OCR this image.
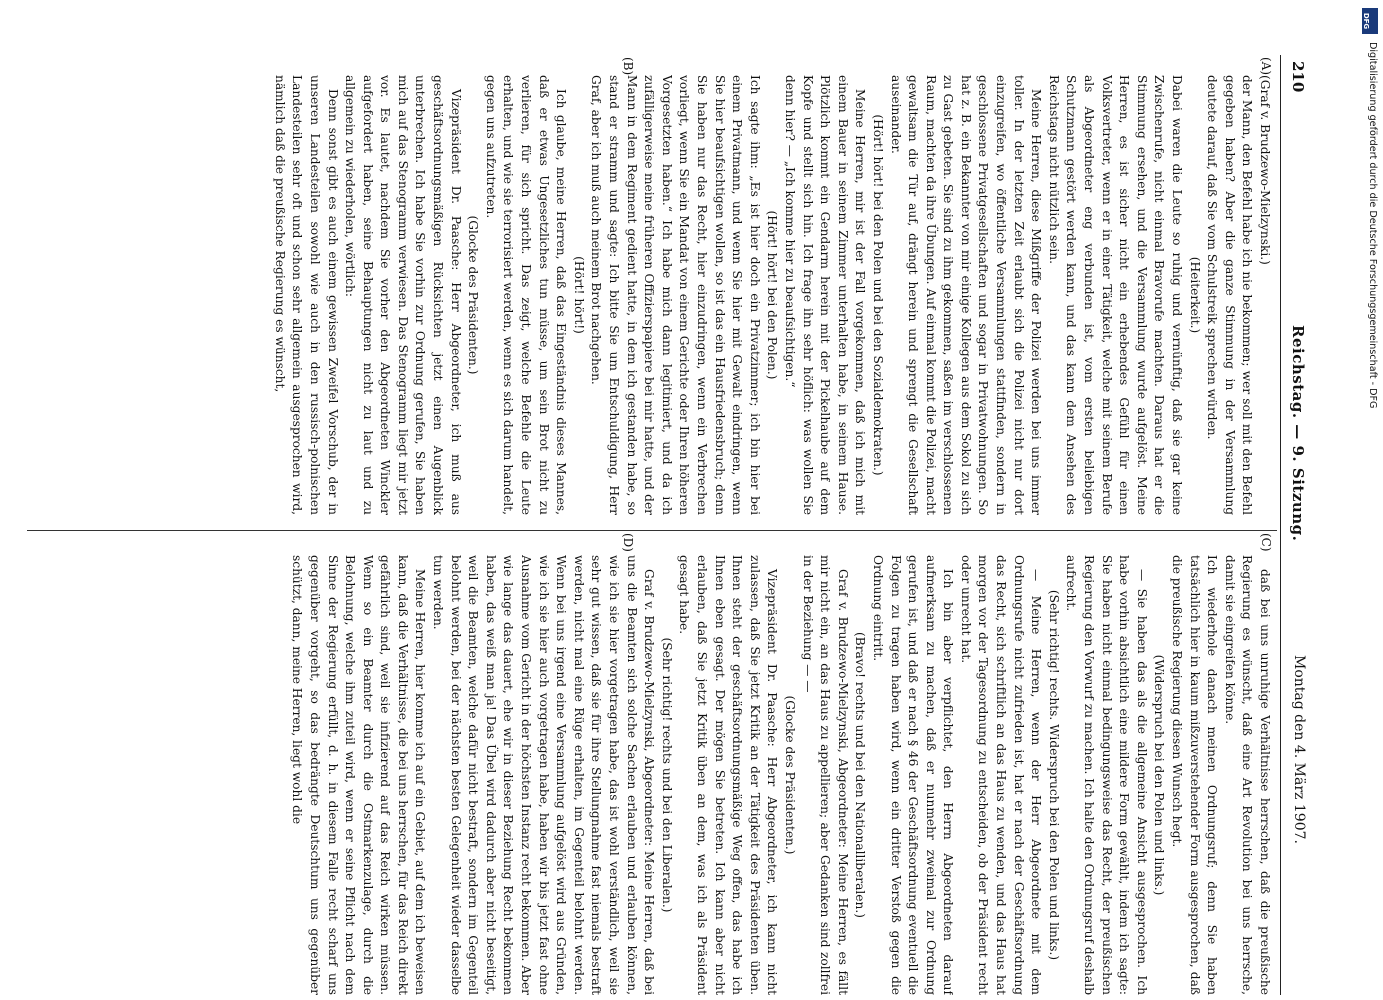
210
Reichstag. — 9. Sitzung.
Montag den 4. März 1907.
(A)
(B)
(C)
(D)

(Graf v. Brudzewo-Mielzynski.)

der Mann, den Befehl habe ich nie bekommen; wer soll mit den Befehl gegeben haben? Aber die ganze Stimmung in der Versammlung deutete darauf, daß Sie vom Schulstreik sprechen würden.

(Heiterkeit.)

Dabei waren die Leute so ruhig und vernünftig, daß sie gar keine Zwischenrufe, nicht einmal Bravorufe machten. Daraus hat er die Stimmung ersehen, und die Versammlung wurde aufgelöst. Meine Herren, es ist sicher nicht ein erhebendes Gefühl für einen Volksvertreter, wenn er in einer Tätigkeit, welche mit seinem Berufe als Abgeordneter eng verbunden ist, vom ersten beliebigen Schutzmann gestört werden kann, und das kann dem Ansehen des Reichstags nicht nützlich sein.

Meine Herren, diese Mißgriffe der Polizei werden bei uns immer toller. In der letzten Zeit erlaubt sich die Polizei nicht nur dort einzugreifen, wo öffentliche Versammlungen stattfinden, sondern in geschlossene Privatgesellschaften und sogar in Privatwohnungen. So hat z. B. ein Bekannter von mir einige Kollegen aus dem Sokol zu sich zu Gast gebeten. Sie sind zu ihm gekommen, saßen im verschlossenen Raum, machten da ihre Übungen. Auf einmal kommt die Polizei, macht gewaltsam die Tür auf, drängt herein und sprengt die Gesellschaft auseinander.

(Hört! hört! bei den Polen und bei den Sozialdemokraten.)

Meine Herren, mir ist der Fall vorgekommen, daß ich mich mit einem Bauer in seinem Zimmer unterhalten habe, in seinem Hause. Plötzlich kommt ein Gendarm herein mit der Pickelhaube auf dem Kopfe und stellt sich hin. Ich frage ihn sehr höflich: was wollen Sie denn hier? — „Ich komme hier zu beaufsichtigen.“

(Hört! hört! bei den Polen.)

Ich sagte ihm: „Es ist hier doch ein Privatzimmer; ich bin hier bei einem Privatmann, und wenn Sie hier mit Gewalt eindringen, wenn Sie hier beaufsichtigen wollen, so ist das ein Hausfriedensbruch; denn Sie haben nur das Recht, hier einzudringen, wenn ein Verbrechen vorliegt, wenn Sie ein Mandat von einem Gerichte oder Ihren höheren Vorgesetzten haben.“ Ich habe mich dann legitimiert, und da ich zufälligerweise meine früheren Offizierspapiere bei mir hatte, und der Mann in dem Regiment gedient hatte, in dem ich gestanden habe, so stand er stramm und sagte: Ich bitte Sie um Entschuldigung, Herr Graf, aber ich muß auch meinem Brot nachgehen.

(Hört! hört!)

Ich glaube, meine Herren, daß das Eingeständnis dieses Mannes, daß er etwas Ungesetzliches tun müsse, um sein Brot nicht zu verlieren, für sich spricht. Das zeigt, welche Befehle die Leute erhalten, und wie sie terrorisiert werden, wenn es sich darum handelt, gegen uns aufzutreten.

(Glocke des Präsidenten.)

Vizepräsident Dr. Paasche: Herr Abgeordneter, ich muß aus geschäftsordnungsmäßigen Rücksichten jetzt einen Augenblick unterbrechen. Ich habe Sie vorhin zur Ordnung gerufen, Sie haben mich auf das Stenogramm verwiesen. Das Stenogramm liegt mir jetzt vor. Es lautet, nachdem Sie vorher den Abgeordneten Winckler aufgefordert haben, seine Behauptungen nicht zu laut und zu allgemein zu wiederholen, wörtlich:

Denn sonst gibt es auch einem gewissen Zweifel Vorschub, der in unseren Landesteilen sowohl wie auch in den russisch-polnischen Landesteilen sehr oft und schon sehr allgemein ausgesprochen wird, nämlich daß die preußische Regierung es wünscht,

daß bei uns unruhige Verhältnisse herrschen, daß die preußische Regierung es wünscht, daß eine Art Revolution bei uns herrsche, damit sie eingreifen könne.

Ich wiederhole danach meinen Ordnungsruf; denn Sie haben tatsächlich hier in kaum mißzuverstehender Form ausgesprochen, daß die preußische Regierung diesen Wunsch hegt.

(Widerspruch bei den Polen und links.)

— Sie haben das als die allgemeine Ansicht ausgesprochen. Ich habe vorhin absichtlich eine mildere Form gewählt, indem ich sagte: Sie haben nicht einmal bedingungsweise das Recht, der preußischen Regierung den Vorwurf zu machen. Ich halte den Ordnungsruf deshalb aufrecht.

(Sehr richtig! rechts. Widerspruch bei den Polen und links.)

— Meine Herren, wenn der Herr Abgeordnete mit dem Ordnungsrufe nicht zufrieden ist, hat er nach der Geschäftsordnung das Recht, sich schriftlich an das Haus zu wenden, und das Haus hat morgen vor der Tagesordnung zu entscheiden, ob der Präsident recht oder unrecht hat.

Ich bin aber verpflichtet, den Herrn Abgeordneten darauf aufmerksam zu machen, daß er nunmehr zweimal zur Ordnung gerufen ist, und daß er nach § 46 der Geschäftsordnung eventuell die Folgen zu tragen haben wird, wenn ein dritter Verstoß gegen die Ordnung eintritt.

(Bravo! rechts und bei den Nationalliberalen.)

Graf v. Brudzewo-Mielzynski, Abgeordneter: Meine Herren, es fällt mir nicht ein, an das Haus zu appellieren; aber Gedanken sind zollfrei in der Beziehung — —

(Glocke des Präsidenten.)

Vizepräsident Dr. Paasche: Herr Abgeordneter, ich kann nicht zulassen, daß Sie jetzt Kritik an der Tätigkeit des Präsidenten üben. Ihnen steht der geschäftsordnungsmäßige Weg offen, das habe ich Ihnen eben gesagt. Der mögen Sie betreten. Ich kann aber nicht erlauben, daß Sie jetzt Kritik üben an dem, was ich als Präsident gesagt habe.

(Sehr richtig! rechts und bei den Liberalen.)

Graf v. Brudzewo-Mielzynski, Abgeordneter: Meine Herren, daß bei uns die Beamten sich solche Sachen erlauben und erlauben können, wie ich sie hier vorgetragen habe, das ist wohl verständlich, weil sie sehr gut wissen, daß sie für ihre Stellungnahme fast niemals bestraft werden, nicht mal eine Rüge erhalten, im Gegenteil belohnt werden. Wenn bei uns irgend eine Versammlung aufgelöst wird aus Gründen, wie ich sie hier auch vorgetragen habe, haben wir bis jetzt fast ohne Ausnahme vom Gericht in der höchsten Instanz recht bekommen. Aber wie lange das dauert, ehe wir in dieser Beziehung Recht bekommen haben, das weiß man ja! Das Übel wird dadurch aber nicht beseitigt, weil die Beamten, welche dafür nicht bestraft, sondern im Gegenteil belohnt werden, bei der nächsten besten Gelegenheit wieder dasselbe tun werden.

Meine Herren, hier komme ich auf ein Gebiet, auf dem ich beweisen kann, daß die Verhältnisse, die bei uns herrschen, für das Reich direkt gefährlich sind, weil sie infizierend auf das Reich wirken müssen. Wenn so ein Beamter durch die Ostmarkenzulage, durch die Belohnung, welche ihm zuteil wird, wenn er seine Pflicht nach dem Sinne der Regierung erfüllt, d. h. in diesem Falle recht scharf uns gegenüber vorgeht, so das bedrängte Deutschtum uns gegenüber schützt, dann, meine Herren, liegt wohl die

DFG
Digitalisierung gefördert durch die Deutsche Forschungsgemeinschaft - DFG
